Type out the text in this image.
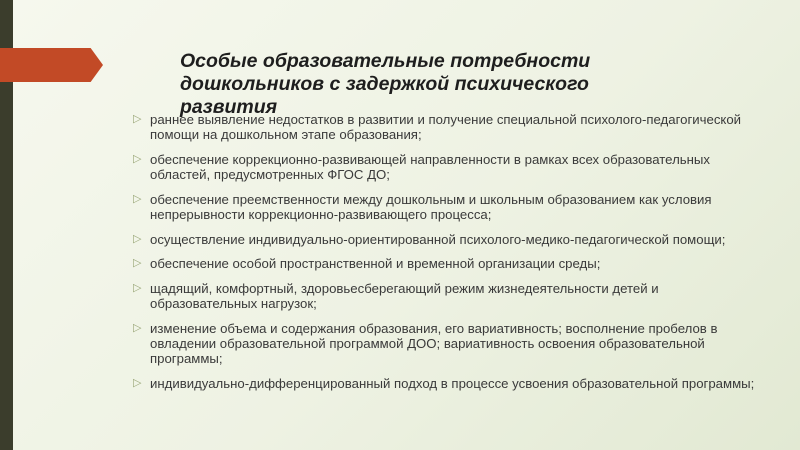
Особые образовательные потребности дошкольников с задержкой психического развития
▷ раннее выявление недостатков в развитии и получение специальной психолого-педагогической помощи на дошкольном этапе образования;
▷ обеспечение коррекционно-развивающей направленности в рамках всех образовательных областей, предусмотренных ФГОС ДО;
▷ обеспечение преемственности между дошкольным и школьным образованием как условия непрерывности коррекционно-развивающего процесса;
▷ осуществление индивидуально-ориентированной психолого-медико-педагогической помощи;
▷ обеспечение особой пространственной и временной организации среды;
▷ щадящий, комфортный, здоровьесберегающий режим жизнедеятельности детей и образовательных нагрузок;
▷ изменение объема и содержания образования, его вариативность; восполнение пробелов в овладении образовательной программой ДОО; вариативность освоения образовательной программы;
▷ индивидуально-дифференцированный подход в процессе усвоения образовательной программы;
